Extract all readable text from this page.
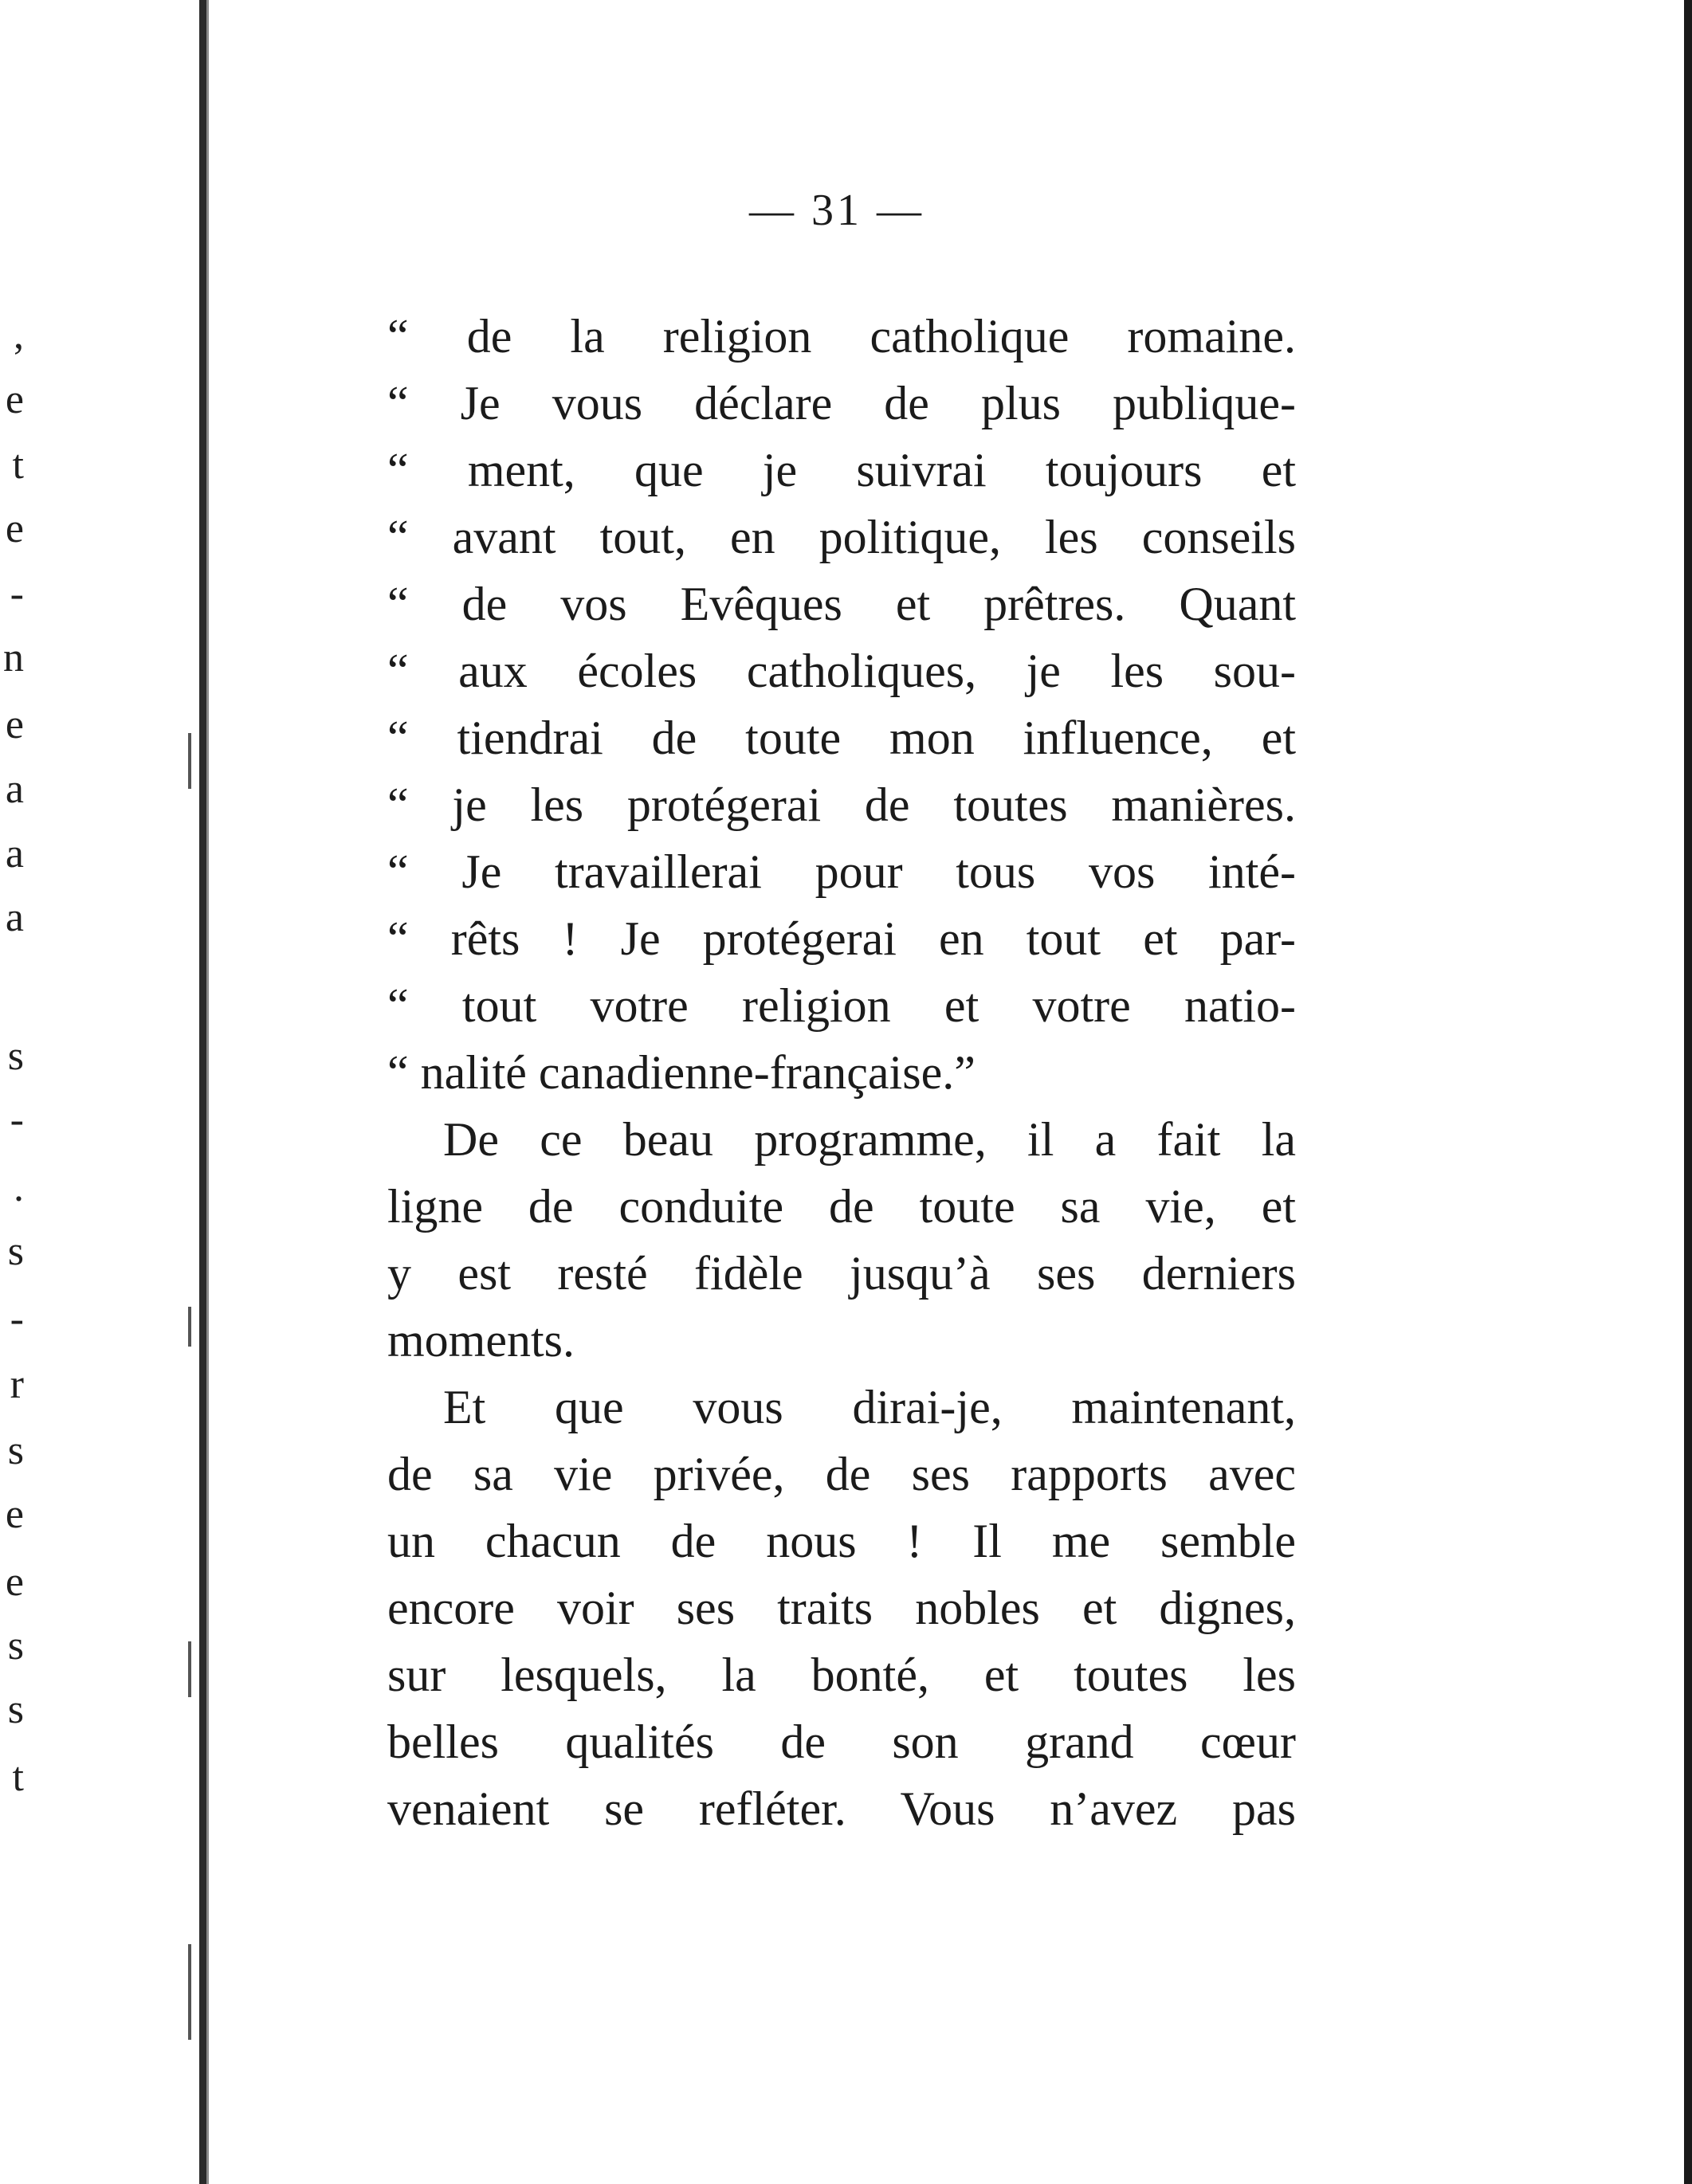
,
e
t
e
-
n
e
a
a
a
s
-
.
s
-
r
s
e
e
s
s
t
— 31 —
“ de la religion catholique romaine.
“ Je vous déclare de plus publique-
“ ment, que je suivrai toujours et
“ avant tout, en politique, les conseils
“ de vos Evêques et prêtres. Quant
“ aux écoles catholiques, je les sou-
“ tiendrai de toute mon influence, et
“ je les protégerai de toutes manières.
“ Je travaillerai pour tous vos inté-
“ rêts ! Je protégerai en tout et par-
“ tout votre religion et votre natio-
“ nalité canadienne-française.”
De ce beau programme, il a fait la
ligne de conduite de toute sa vie, et
y est resté fidèle jusqu’à ses derniers
moments.
Et que vous dirai-je, maintenant,
de sa vie privée, de ses rapports avec
un chacun de nous ! Il me semble
encore voir ses traits nobles et dignes,
sur lesquels, la bonté, et toutes les
belles qualités de son grand cœur
venaient se refléter. Vous n’avez pas
